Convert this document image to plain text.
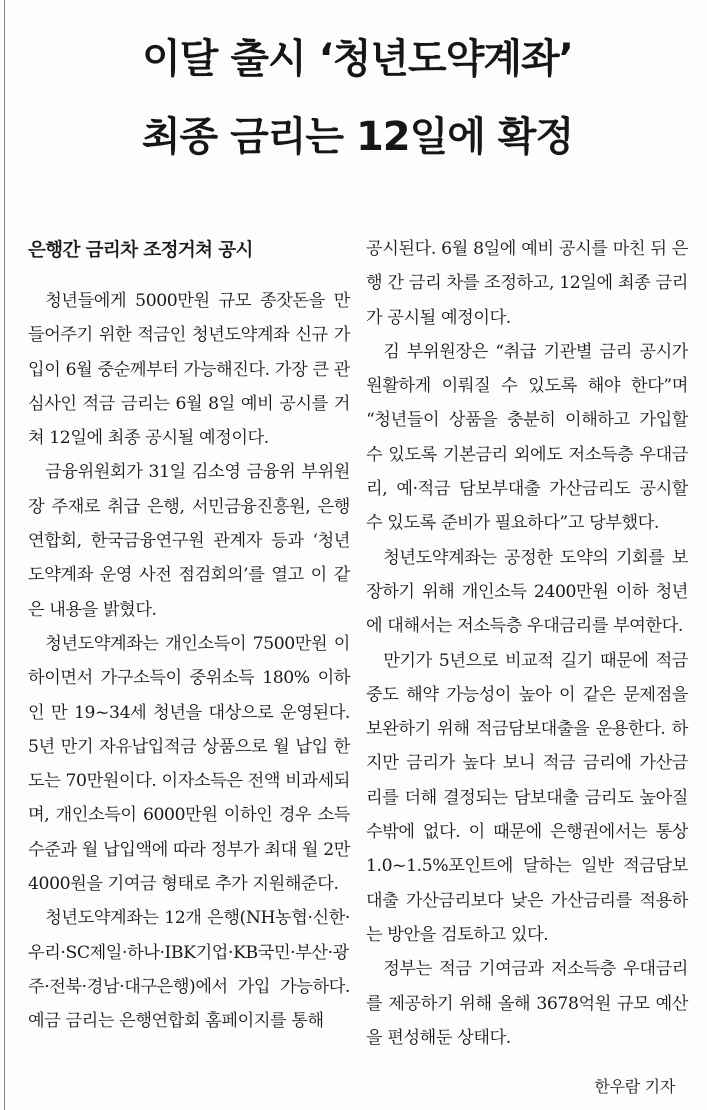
이달 출시 ‘청년도약계좌’
최종 금리는 12일에 확정
은행간 금리차 조정거쳐 공시

청년들에게 5000만원 규모 종잣돈을 만들어주기 위한 적금인 청년도약계좌 신규 가입이 6월 중순께부터 가능해진다. 가장 큰 관심사인 적금 금리는 6월 8일 예비 공시를 거쳐 12일에 최종 공시될 예정이다.

금융위원회가 31일 김소영 금융위 부위원장 주재로 취급 은행, 서민금융진흥원, 은행연합회, 한국금융연구원 관계자 등과 ‘청년도약계좌 운영 사전 점검회의’를 열고 이 같은 내용을 밝혔다.

청년도약계좌는 개인소득이 7500만원 이하이면서 가구소득이 중위소득 180% 이하인 만 19~34세 청년을 대상으로 운영된다. 5년 만기 자유납입적금 상품으로 월 납입 한도는 70만원이다. 이자소득은 전액 비과세되며, 개인소득이 6000만원 이하인 경우 소득 수준과 월 납입액에 따라 정부가 최대 월 2만4000원을 기여금 형태로 추가 지원해준다.

청년도약계좌는 12개 은행(NH농협·신한·우리·SC제일·하나·IBK기업·KB국민·부산·광주·전북·경남·대구은행)에서 가입 가능하다. 예금 금리는 은행연합회 홈페이지를 통해

공시된다. 6월 8일에 예비 공시를 마친 뒤 은행 간 금리 차를 조정하고, 12일에 최종 금리가 공시될 예정이다.

김 부위원장은 “취급 기관별 금리 공시가 원활하게 이뤄질 수 있도록 해야 한다”며 “청년들이 상품을 충분히 이해하고 가입할 수 있도록 기본금리 외에도 저소득층 우대금리, 예·적금 담보부대출 가산금리도 공시할 수 있도록 준비가 필요하다”고 당부했다.

청년도약계좌는 공정한 도약의 기회를 보장하기 위해 개인소득 2400만원 이하 청년에 대해서는 저소득층 우대금리를 부여한다.

만기가 5년으로 비교적 길기 때문에 적금 중도 해약 가능성이 높아 이 같은 문제점을 보완하기 위해 적금담보대출을 운용한다. 하지만 금리가 높다 보니 적금 금리에 가산금리를 더해 결정되는 담보대출 금리도 높아질 수밖에 없다. 이 때문에 은행권에서는 통상 1.0~1.5%포인트에 달하는 일반 적금담보대출 가산금리보다 낮은 가산금리를 적용하는 방안을 검토하고 있다.

정부는 적금 기여금과 저소득층 우대금리를 제공하기 위해 올해 3678억원 규모 예산을 편성해둔 상태다.

한우람 기자
